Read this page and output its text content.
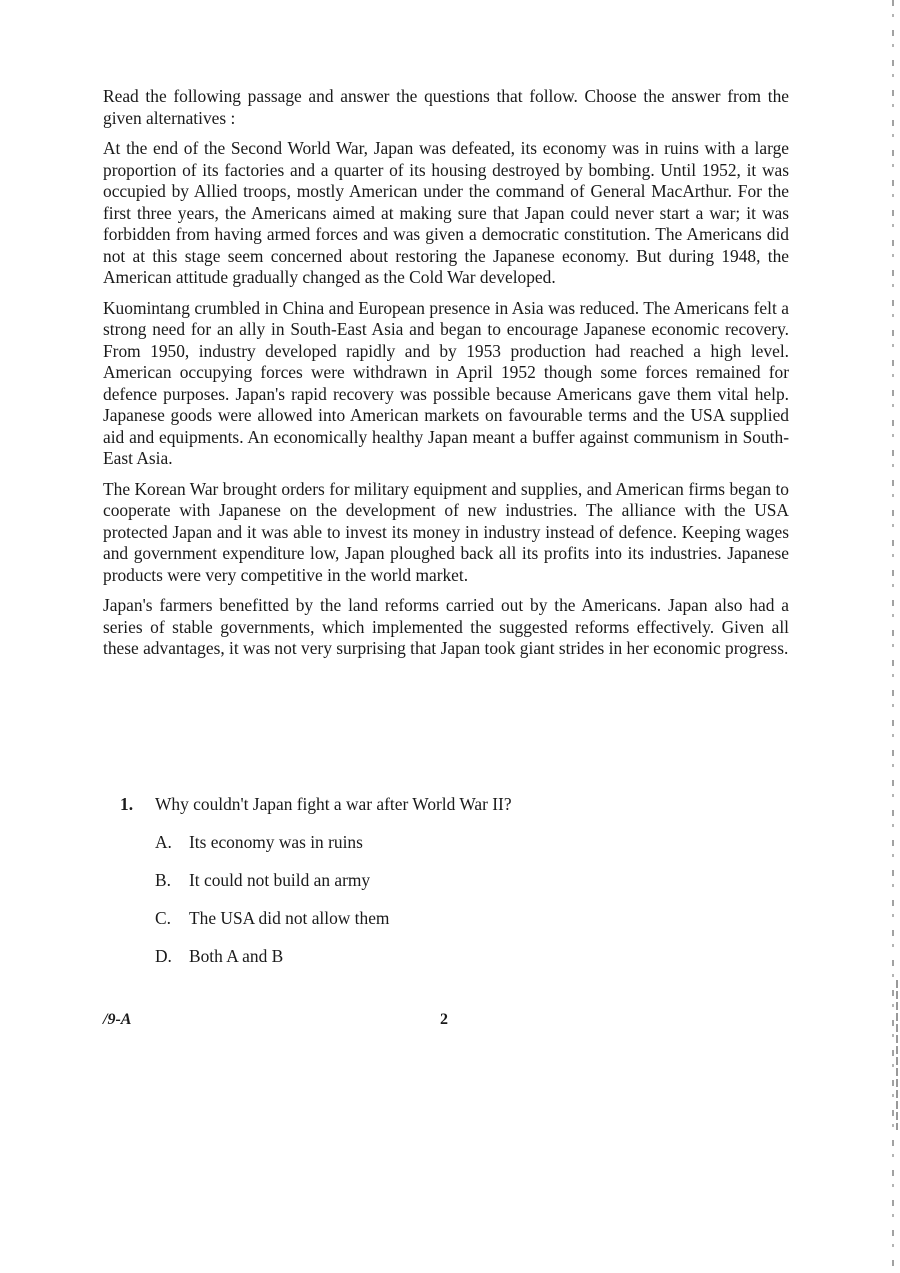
Read the following passage and answer the questions that follow. Choose the answer from the given alternatives :

At the end of the Second World War, Japan was defeated, its economy was in ruins with a large proportion of its factories and a quarter of its housing destroyed by bombing. Until 1952, it was occupied by Allied troops, mostly American under the command of General MacArthur. For the first three years, the Americans aimed at making sure that Japan could never start a war; it was forbidden from having armed forces and was given a democratic constitution. The Americans did not at this stage seem concerned about restoring the Japanese economy. But during 1948, the American attitude gradually changed as the Cold War developed.

Kuomintang crumbled in China and European presence in Asia was reduced. The Americans felt a strong need for an ally in South-East Asia and began to encourage Japanese economic recovery. From 1950, industry developed rapidly and by 1953 production had reached a high level. American occupying forces were withdrawn in April 1952 though some forces remained for defence purposes. Japan's rapid recovery was possible because Americans gave them vital help. Japanese goods were allowed into American markets on favourable terms and the USA supplied aid and equipments. An economically healthy Japan meant a buffer against communism in South-East Asia.

The Korean War brought orders for military equipment and supplies, and American firms began to cooperate with Japanese on the development of new industries. The alliance with the USA protected Japan and it was able to invest its money in industry instead of defence. Keeping wages and government expenditure low, Japan ploughed back all its profits into its industries. Japanese products were very competitive in the world market.

Japan's farmers benefitted by the land reforms carried out by the Americans. Japan also had a series of stable governments, which implemented the suggested reforms effectively. Given all these advantages, it was not very surprising that Japan took giant strides in her economic progress.

1.	Why couldn't Japan fight a war after World War II?
A. Its economy was in ruins
B.	It could not build an army
C.	The USA did not allow them
D. Both A and B
/9-A	2
